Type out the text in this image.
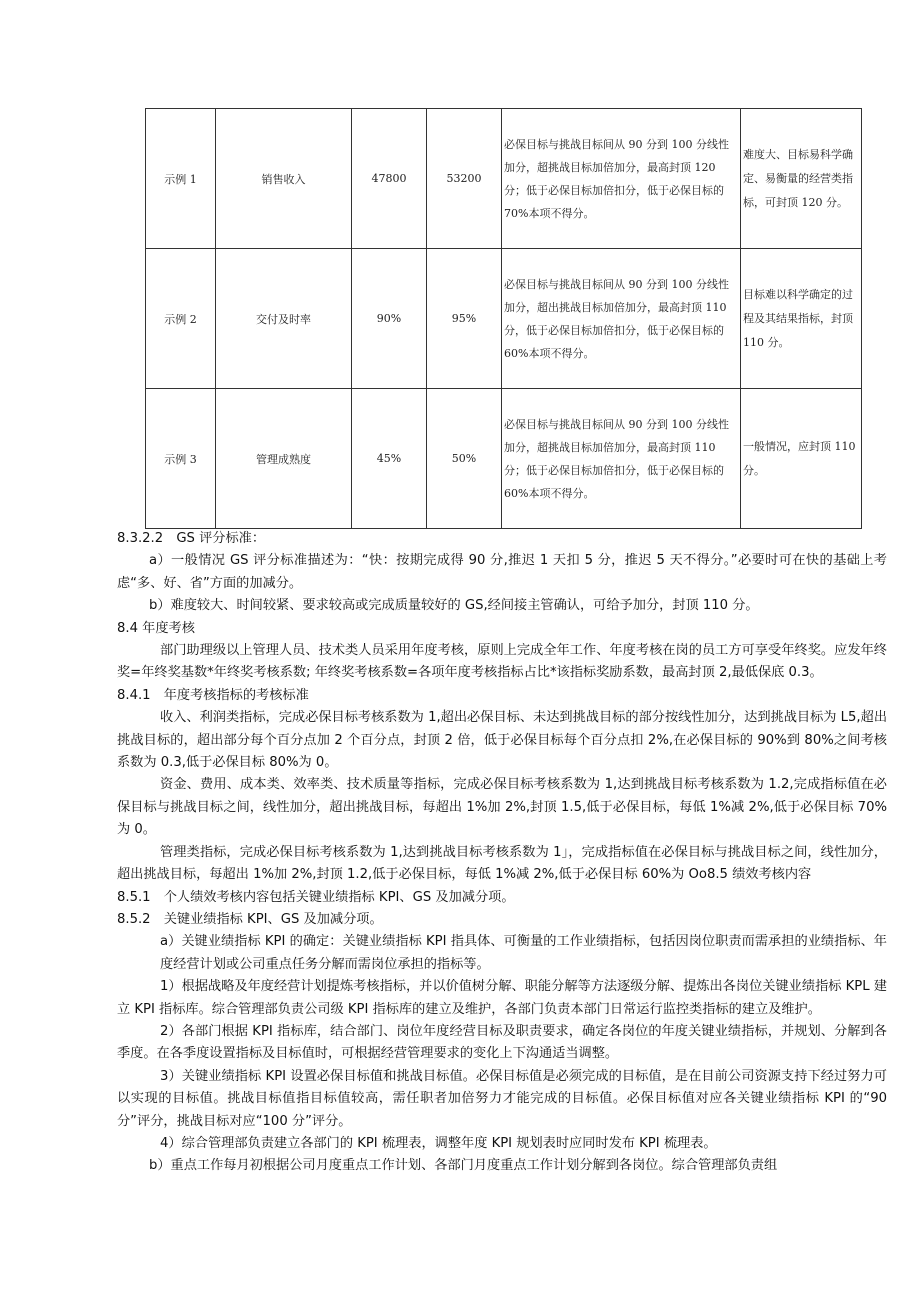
示例 1	销售收入	47800	53200	必保目标与挑战目标间从 90 分到 100 分线性加分，超挑战目标加倍加分，最高封顶 120 分；低于必保目标加倍扣分，低于必保目标的 70%本项不得分。	难度大、目标易科学确定、易衡量的经营类指标，可封顶 120 分。
示例 2	交付及时率	90%	95%	必保目标与挑战目标间从 90 分到 100 分线性加分，超出挑战目标加倍加分，最高封顶 110 分，低于必保目标加倍扣分，低于必保目标的 60%本项不得分。	目标难以科学确定的过程及其结果指标，封顶 110 分。
示例 3	管理成熟度	45%	50%	必保目标与挑战目标间从 90 分到 100 分线性加分，超挑战目标加倍加分，最高封顶 110 分；低于必保目标加倍扣分，低于必保目标的 60%本项不得分。	一般情况，应封顶 110 分。

8.3.2.2　GS 评分标准：

a）一般情况 GS 评分标准描述为：“快：按期完成得 90 分,推迟 1 天扣 5 分，推迟 5 天不得分。”必要时可在快的基础上考虑“多、好、省”方面的加减分。

b）难度较大、时间较紧、要求较高或完成质量较好的 GS,经间接主管确认，可给予加分，封顶 110 分。

8.4 年度考核

部门助理级以上管理人员、技术类人员采用年度考核，原则上完成全年工作、年度考核在岗的员工方可享受年终奖。应发年终奖=年终奖基数*年终奖考核系数; 年终奖考核系数=各项年度考核指标占比*该指标奖励系数，最高封顶 2,最低保底 0.3。

8.4.1　年度考核指标的考核标准

收入、利润类指标，完成必保目标考核系数为 1,超出必保目标、未达到挑战目标的部分按线性加分，达到挑战目标为 L5,超出挑战目标的，超出部分每个百分点加 2 个百分点，封顶 2 倍，低于必保目标每个百分点扣 2%,在必保目标的 90%到 80%之间考核系数为 0.3,低于必保目标 80%为 0。

资金、费用、成本类、效率类、技术质量等指标，完成必保目标考核系数为 1,达到挑战目标考核系数为 1.2,完成指标值在必保目标与挑战目标之间，线性加分，超出挑战目标，每超出 1%加 2%,封顶 1.5,低于必保目标，每低 1%减 2%,低于必保目标 70%为 0。

管理类指标，完成必保目标考核系数为 1,达到挑战目标考核系数为 1」，完成指标值在必保目标与挑战目标之间，线性加分，超出挑战目标，每超出 1%加 2%,封顶 1.2,低于必保目标，每低 1%减 2%,低于必保目标 60%为 Oo8.5 绩效考核内容

8.5.1　个人绩效考核内容包括关键业绩指标 KPI、GS 及加减分项。

8.5.2　关键业绩指标 KPI、GS 及加减分项。

a）关键业绩指标 KPI 的确定：关键业绩指标 KPI 指具体、可衡量的工作业绩指标，包括因岗位职责而需承担的业绩指标、年度经营计划或公司重点任务分解而需岗位承担的指标等。

1）根据战略及年度经营计划提炼考核指标，并以价值树分解、职能分解等方法逐级分解、提炼出各岗位关键业绩指标 KPL 建立 KPI 指标库。综合管理部负责公司级 KPI 指标库的建立及维护，各部门负责本部门日常运行监控类指标的建立及维护。

2）各部门根据 KPI 指标库，结合部门、岗位年度经营目标及职责要求，确定各岗位的年度关键业绩指标，并规划、分解到各季度。在各季度设置指标及目标值时，可根据经营管理要求的变化上下沟通适当调整。

3）关键业绩指标 KPI 设置必保目标值和挑战目标值。必保目标值是必须完成的目标值，是在目前公司资源支持下经过努力可以实现的目标值。挑战目标值指目标值较高，需任职者加倍努力才能完成的目标值。必保目标值对应各关键业绩指标 KPI 的“90 分”评分，挑战目标对应“100 分”评分。

4）综合管理部负责建立各部门的 KPI 梳理表，调整年度 KPI 规划表时应同时发布 KPI 梳理表。

b）重点工作每月初根据公司月度重点工作计划、各部门月度重点工作计划分解到各岗位。综合管理部负责组
